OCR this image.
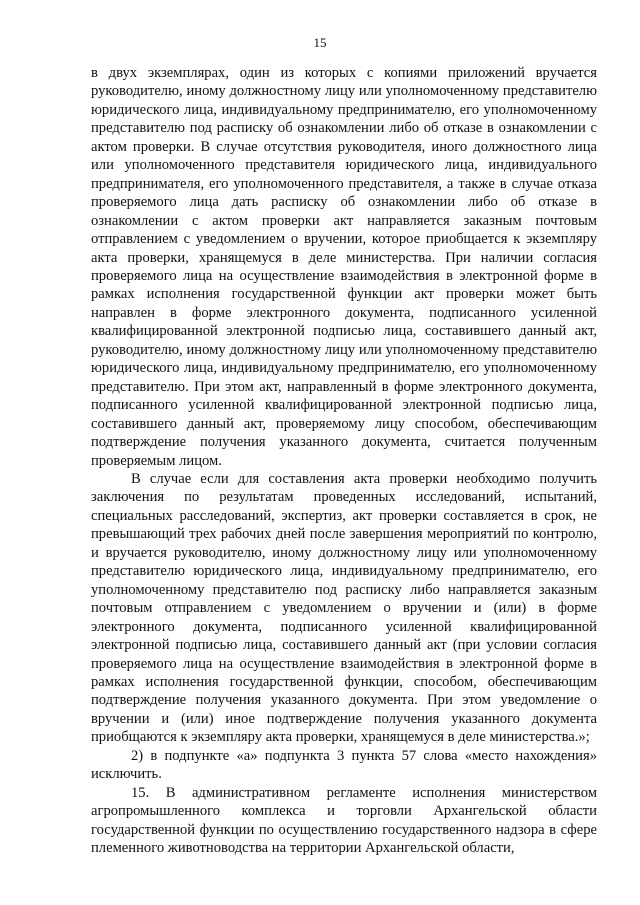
15

в двух экземплярах, один из которых с копиями приложений вручается руководителю, иному должностному лицу или уполномоченному представителю юридического лица, индивидуальному предпринимателю, его уполномоченному представителю под расписку об ознакомлении либо об отказе в ознакомлении с актом проверки. В случае отсутствия руководителя, иного должностного лица или уполномоченного представителя юридического лица, индивидуального предпринимателя, его уполномоченного представителя, а также в случае отказа проверяемого лица дать расписку об ознакомлении либо об отказе в ознакомлении с актом проверки акт направляется заказным почтовым отправлением с уведомлением о вручении, которое приобщается к экземпляру акта проверки, хранящемуся в деле министерства. При наличии согласия проверяемого лица на осуществление взаимодействия в электронной форме в рамках исполнения государственной функции акт проверки может быть направлен в форме электронного документа, подписанного усиленной квалифицированной электронной подписью лица, составившего данный акт, руководителю, иному должностному лицу или уполномоченному представителю юридического лица, индивидуальному предпринимателю, его уполномоченному представителю. При этом акт, направленный в форме электронного документа, подписанного усиленной квалифицированной электронной подписью лица, составившего данный акт, проверяемому лицу способом, обеспечивающим подтверждение получения указанного документа, считается полученным проверяемым лицом.

В случае если для составления акта проверки необходимо получить заключения по результатам проведенных исследований, испытаний, специальных расследований, экспертиз, акт проверки составляется в срок, не превышающий трех рабочих дней после завершения мероприятий по контролю, и вручается руководителю, иному должностному лицу или уполномоченному представителю юридического лица, индивидуальному предпринимателю, его уполномоченному представителю под расписку либо направляется заказным почтовым отправлением с уведомлением о вручении и (или) в форме электронного документа, подписанного усиленной квалифицированной электронной подписью лица, составившего данный акт (при условии согласия проверяемого лица на осуществление взаимодействия в электронной форме в рамках исполнения государственной функции, способом, обеспечивающим подтверждение получения указанного документа. При этом уведомление о вручении и (или) иное подтверждение получения указанного документа приобщаются к экземпляру акта проверки, хранящемуся в деле министерства.»;

2) в подпункте «а» подпункта 3 пункта 57 слова «место нахождения» исключить.

15. В административном регламенте исполнения министерством агропромышленного комплекса и торговли Архангельской области государственной функции по осуществлению государственного надзора в сфере племенного животноводства на территории Архангельской области,
